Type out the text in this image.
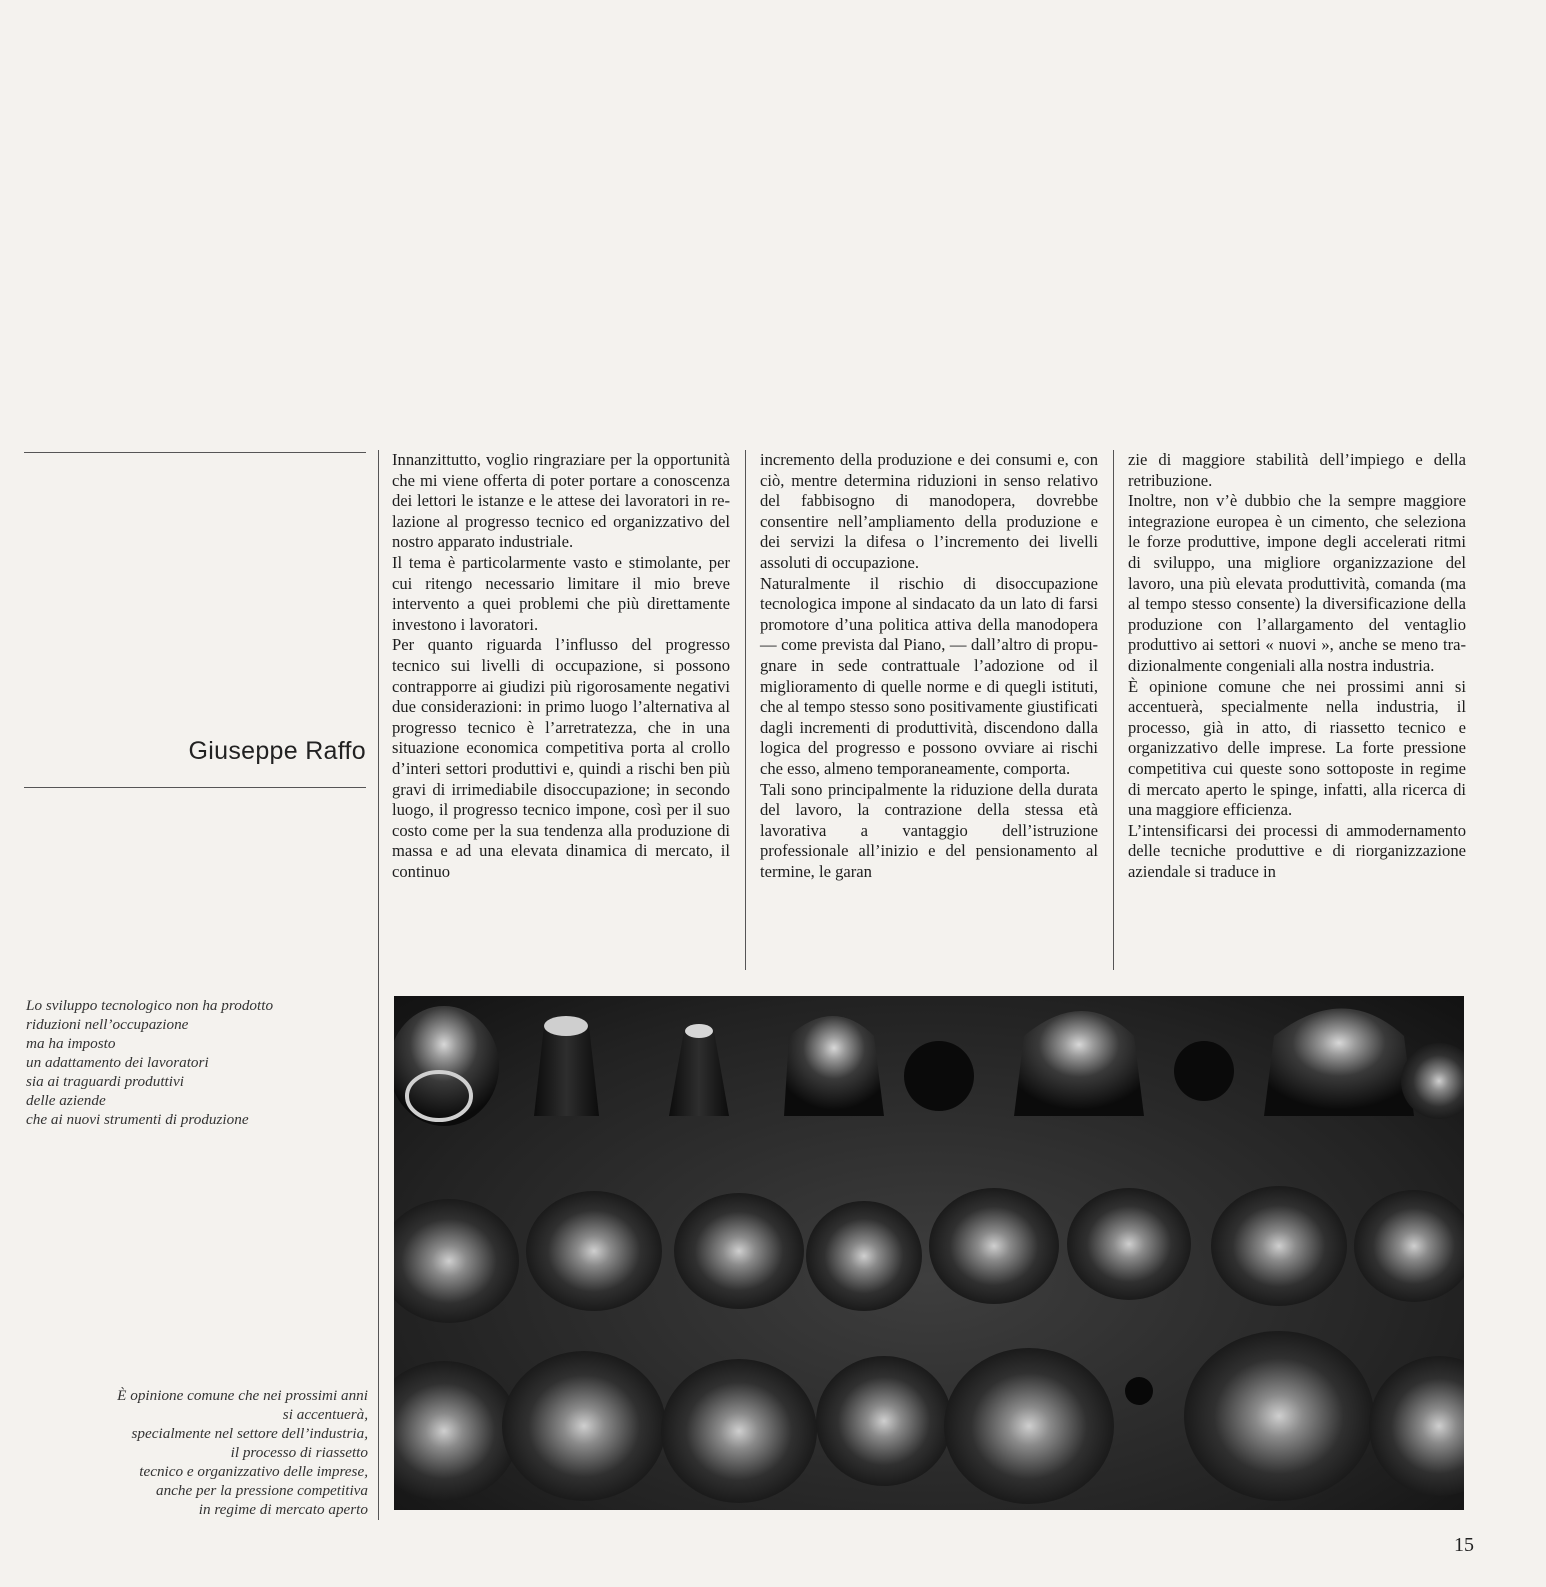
Giuseppe Raffo

Innanzittutto, voglio ringraziare per la opportunità che mi viene offerta di poter portare a conoscenza dei lettori le istanze e le attese dei lavoratori in relazione al progresso tecnico ed organizzativo del nostro apparato industriale.

Il tema è particolarmente vasto e stimolante, per cui ritengo necessario limitare il mio breve intervento a quei problemi che più direttamente investono i lavoratori.

Per quanto riguarda l’influsso del progresso tecnico sui livelli di occupazione, si possono contrapporre ai giudizi più rigorosamente negativi due considerazioni: in primo luogo l’alternativa al progresso tecnico è l’arretratezza, che in una situazione economica competitiva porta al crollo d’interi settori produttivi e, quindi a rischi ben più gravi di irrimediabile disoccupazione; in secondo luogo, il progresso tecnico impone, così per il suo costo come per la sua tendenza alla produzione di massa e ad una elevata dinamica di mercato, il continuo

incremento della produzione e dei consumi e, con ciò, mentre determina riduzioni in senso relativo del fabbisogno di manodopera, dovrebbe consentire nell’ampliamento della produzione e dei servizi la difesa o l’incremento dei livelli assoluti di occupazione.

Naturalmente il rischio di disoccupazione tecnologica impone al sindacato da un lato di farsi promotore d’una politica attiva della manodopera — come prevista dal Piano, — dall’altro di propugnare in sede contrattuale l’adozione od il miglioramento di quelle norme e di quegli istituti, che al tempo stesso sono positivamente giustificati dagli incrementi di produttività, discendono dalla logica del progresso e possono ovviare ai rischi che esso, almeno temporaneamente, comporta.

Tali sono principalmente la riduzione della durata del lavoro, la contrazione della stessa età lavorativa a vantaggio dell’istruzione professionale all’inizio e del pensionamento al termine, le garan

zie di maggiore stabilità dell’impiego e della retribuzione.

Inoltre, non v’è dubbio che la sempre maggiore integrazione europea è un cimento, che seleziona le forze produttive, impone degli accelerati ritmi di sviluppo, una migliore organizzazione del lavoro, una più elevata produttività, comanda (ma al tempo stesso consente) la diversificazione della produzione con l’allargamento del ventaglio produttivo ai settori « nuovi », anche se meno tradizionalmente congeniali alla nostra industria.

È opinione comune che nei prossimi anni si accentuerà, specialmente nella industria, il processo, già in atto, di riassetto tecnico e organizzativo delle imprese. La forte pressione competitiva cui queste sono sottoposte in regime di mercato aperto le spinge, infatti, alla ricerca di una maggiore efficienza.

L’intensificarsi dei processi di ammodernamento delle tecniche produttive e di riorganizzazione aziendale si traduce in

Lo sviluppo tecnologico non ha prodotto
riduzioni nell’occupazione
ma ha imposto
un adattamento dei lavoratori
sia ai traguardi produttivi
delle aziende
che ai nuovi strumenti di produzione
È opinione comune che nei prossimi anni
si accentuerà,
specialmente nel settore dell’industria,
il processo di riassetto
tecnico e organizzativo delle imprese,
anche per la pressione competitiva
in regime di mercato aperto
15
